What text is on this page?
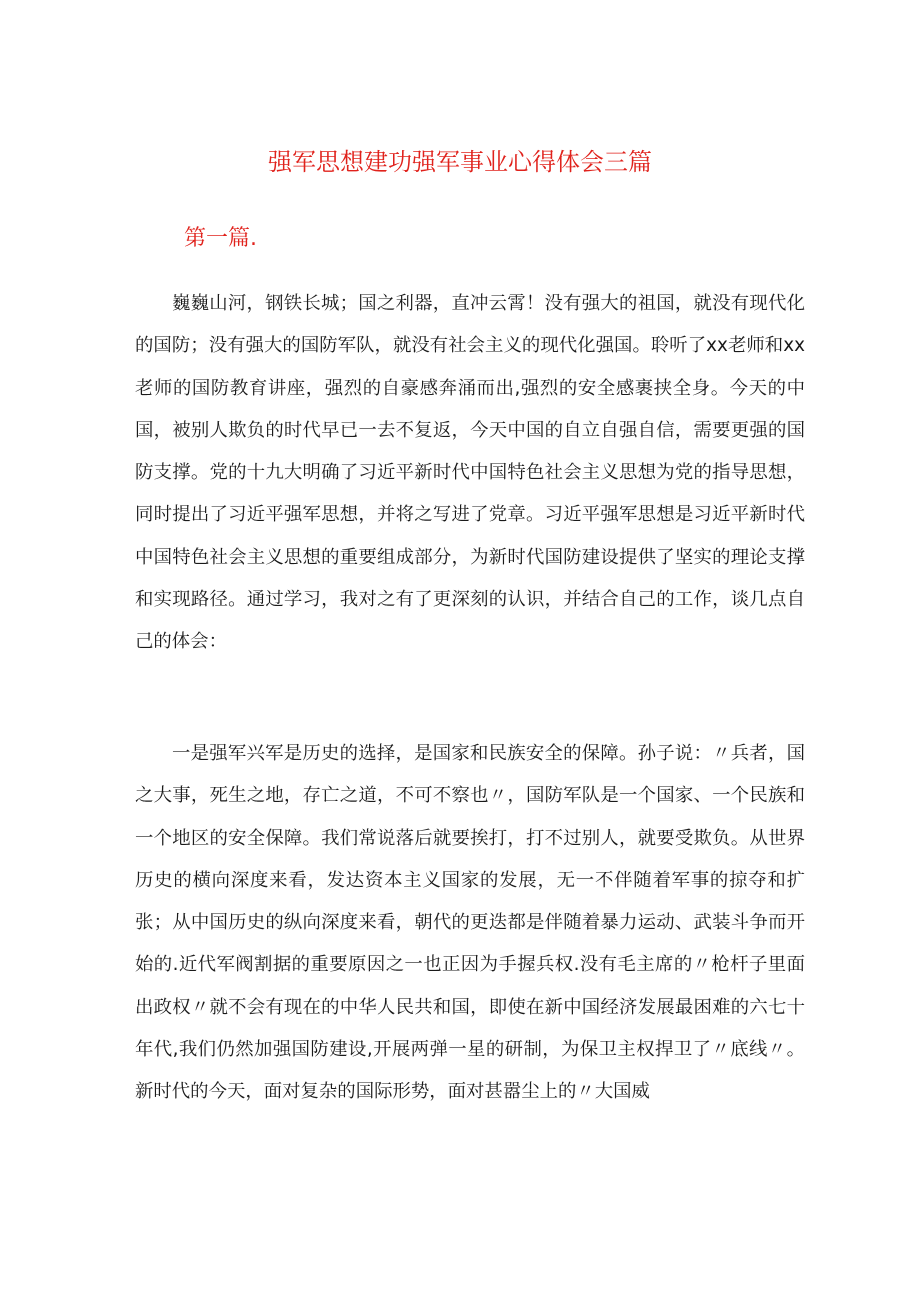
强军思想建功强军事业心得体会三篇
第一篇.

巍巍山河，钢铁长城；国之利器，直冲云霄！没有强大的祖国，就没有现代化的国防；没有强大的国防军队，就没有社会主义的现代化强国。聆听了xx老师和xx老师的国防教育讲座，强烈的自豪感奔涌而出,强烈的安全感裹挟全身。今天的中国，被别人欺负的时代早已一去不复返，今天中国的自立自强自信，需要更强的国防支撑。党的十九大明确了习近平新时代中国特色社会主义思想为党的指导思想，同时提出了习近平强军思想，并将之写进了党章。习近平强军思想是习近平新时代中国特色社会主义思想的重要组成部分，为新时代国防建设提供了坚实的理论支撑和实现路径。通过学习，我对之有了更深刻的认识，并结合自己的工作，谈几点自己的体会：

一是强军兴军是历史的选择，是国家和民族安全的保障。孙子说：〃兵者，国之大事，死生之地，存亡之道，不可不察也〃，国防军队是一个国家、一个民族和一个地区的安全保障。我们常说落后就要挨打，打不过别人，就要受欺负。从世界历史的横向深度来看，发达资本主义国家的发展，无一不伴随着军事的掠夺和扩张；从中国历史的纵向深度来看，朝代的更迭都是伴随着暴力运动、武装斗争而开始的.近代军阀割据的重要原因之一也正因为手握兵权.没有毛主席的〃枪杆子里面出政权〃就不会有现在的中华人民共和国，即使在新中国经济发展最困难的六七十年代,我们仍然加强国防建设,开展两弹一星的研制，为保卫主权捍卫了〃底线〃。新时代的今天，面对复杂的国际形势，面对甚嚣尘上的〃大国威
